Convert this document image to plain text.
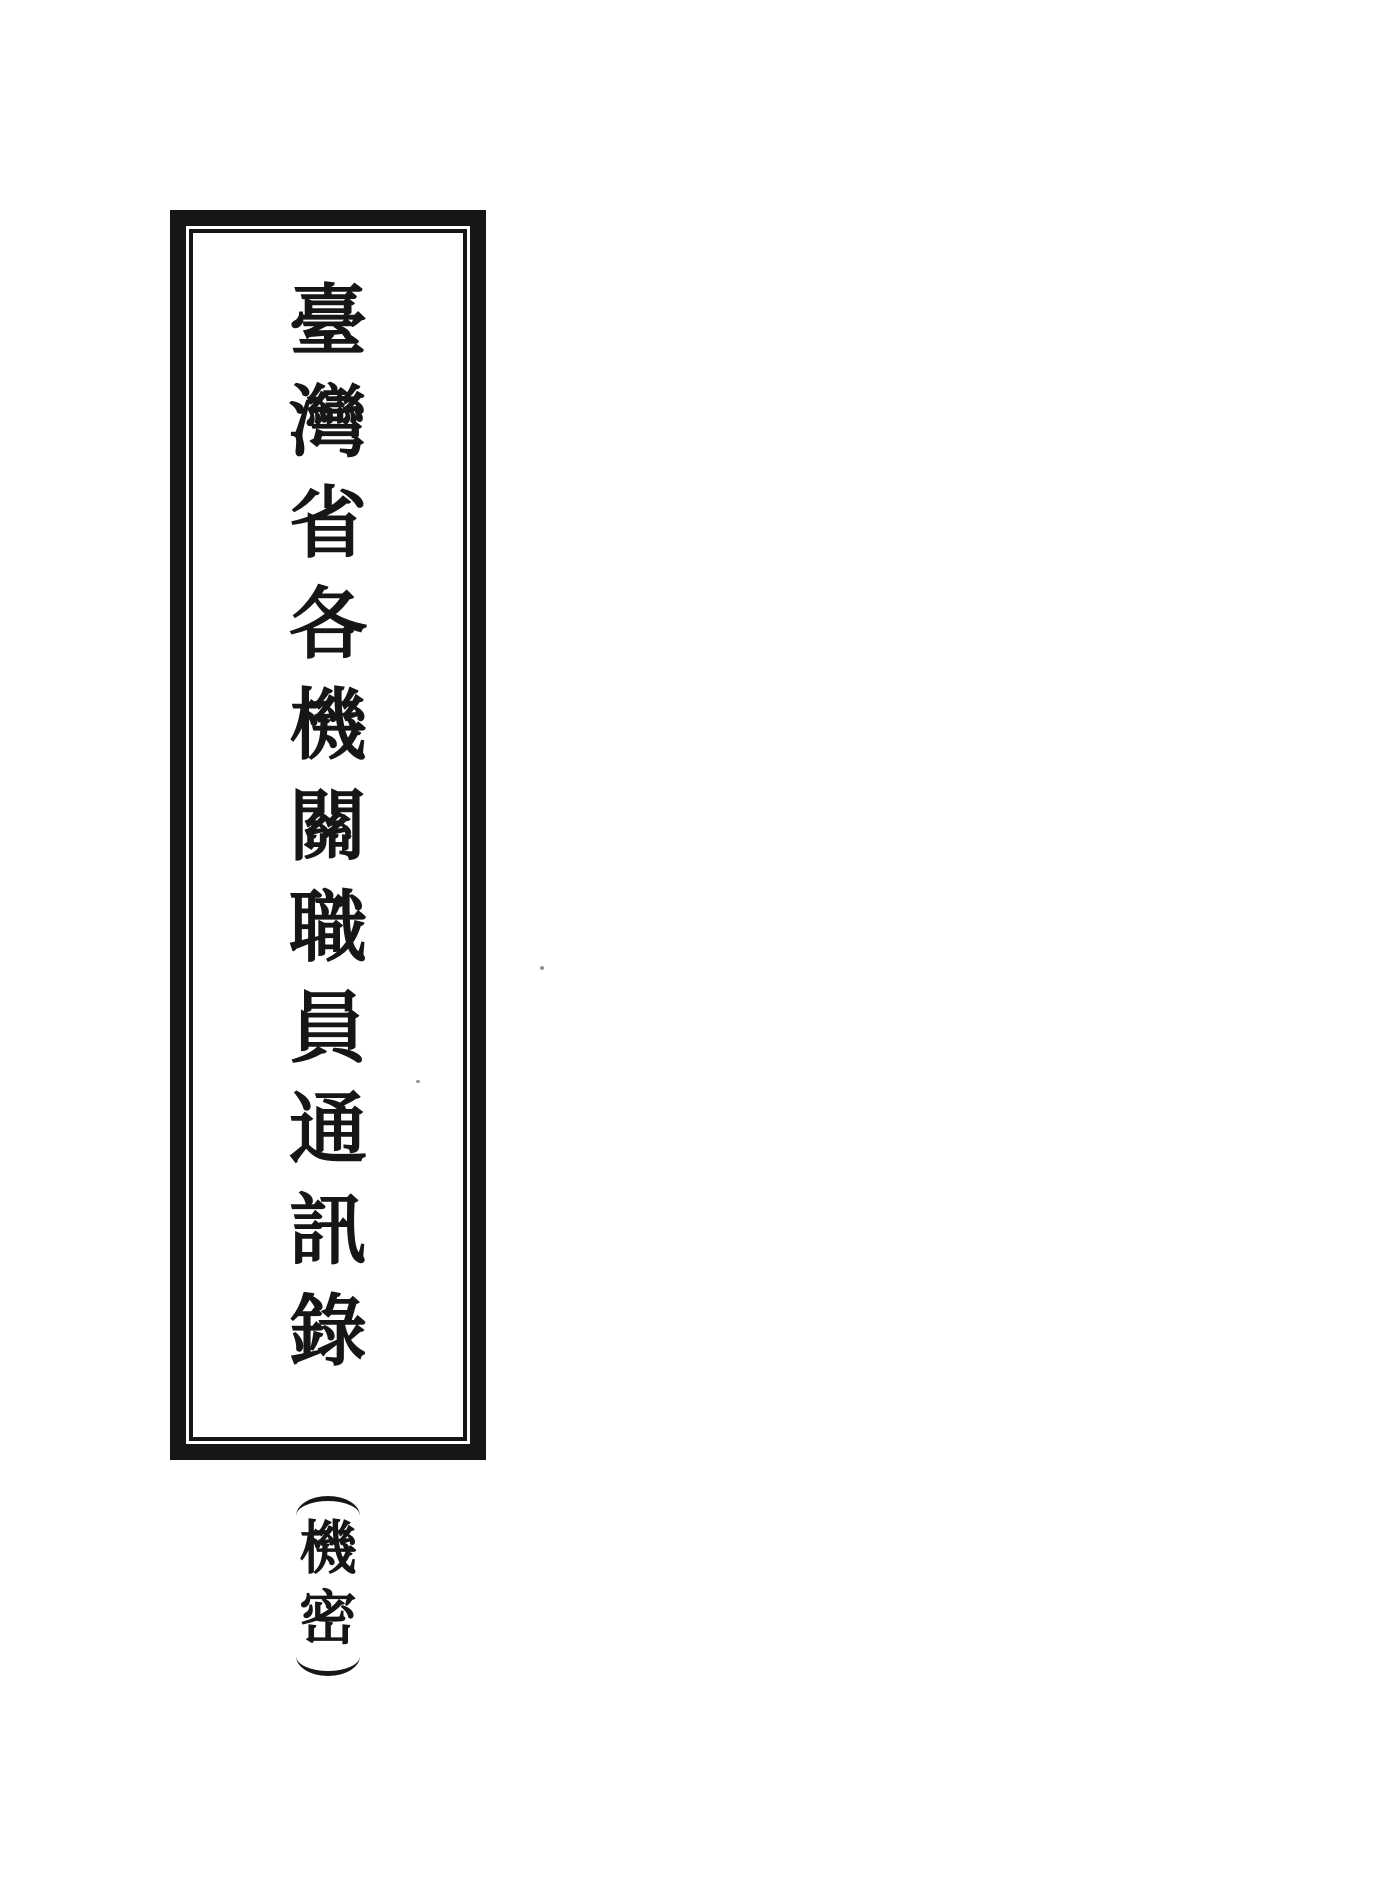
臺
灣
省
各
機
關
職
員
通
訊
錄
機
密
